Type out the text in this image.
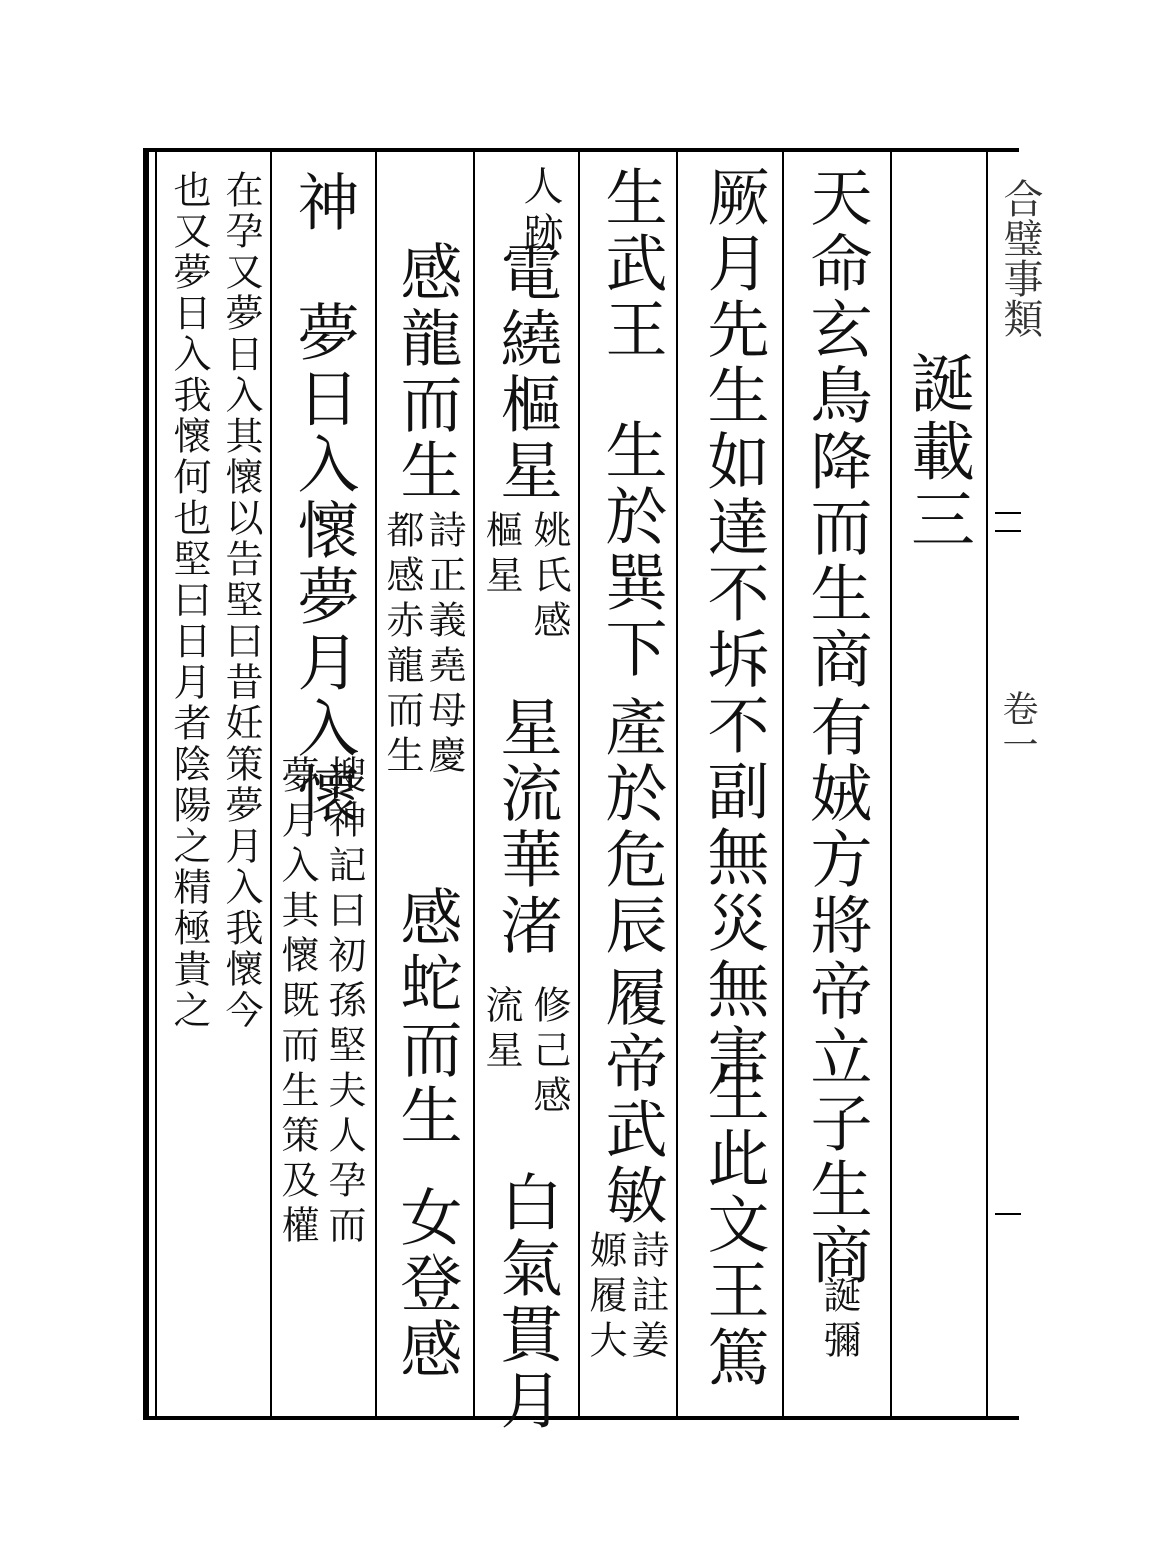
合璧事類
卷一
誕載三
天命玄鳥降而生商
有娀方將帝立子生商
誕彌
厥月先生如達不坼不副無災無害
生此文王
篤
生武王
生於巽下
產於危辰
履帝武敏
詩註姜
嫄履大
人跡
電繞樞星
星流華渚
白氣貫月
姚氏感
樞星
修己感
流星
感龍而生
感蛇而生
女登感
詩正義堯母慶
都感赤龍而生
神
夢日入懷夢月入懷
搜神記曰初孫堅夫人孕而
夢月入其懷既而生策及權
在孕又夢日入其懷以告堅曰昔妊策夢月入我懷今
也又夢日入我懷何也堅曰日月者陰陽之精極貴之
